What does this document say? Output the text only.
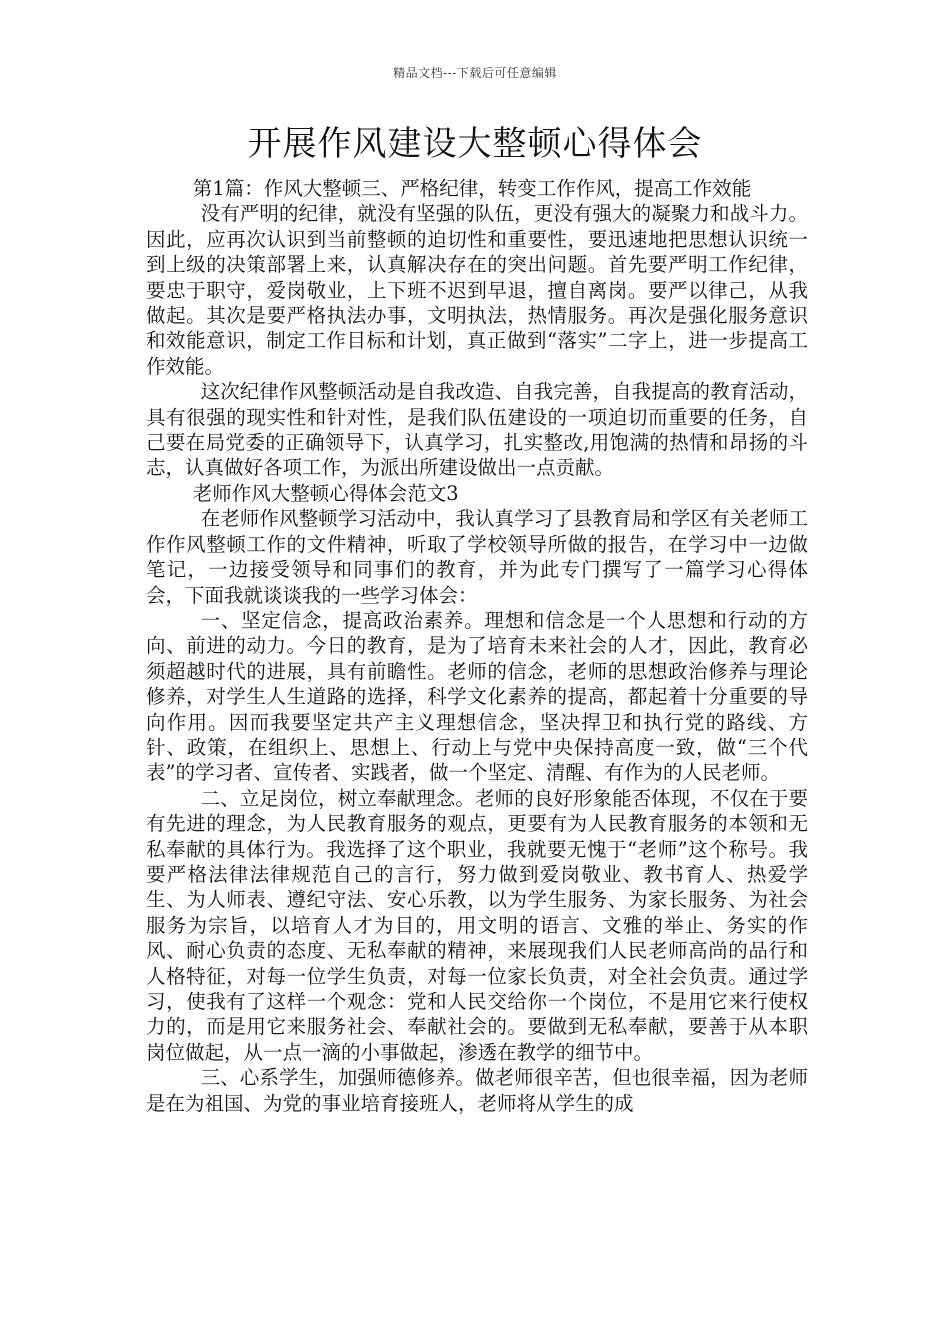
精品文档---下载后可任意编辑
开展作风建设大整顿心得体会

第1篇：作风大整顿三、严格纪律，转变工作作风，提高工作效能

没有严明的纪律，就没有坚强的队伍，更没有强大的凝聚力和战斗力。因此，应再次认识到当前整顿的迫切性和重要性，要迅速地把思想认识统一到上级的决策部署上来，认真解决存在的突出问题。首先要严明工作纪律，要忠于职守，爱岗敬业，上下班不迟到早退，擅自离岗。要严以律己，从我做起。其次是要严格执法办事，文明执法，热情服务。再次是强化服务意识和效能意识，制定工作目标和计划，真正做到“落实”二字上，进一步提高工作效能。

这次纪律作风整顿活动是自我改造、自我完善，自我提高的教育活动，具有很强的现实性和针对性，是我们队伍建设的一项迫切而重要的任务，自己要在局党委的正确领导下，认真学习，扎实整改,用饱满的热情和昂扬的斗志，认真做好各项工作，为派出所建设做出一点贡献。

老师作风大整顿心得体会范文3

在老师作风整顿学习活动中，我认真学习了县教育局和学区有关老师工作作风整顿工作的文件精神，听取了学校领导所做的报告，在学习中一边做笔记，一边接受领导和同事们的教育，并为此专门撰写了一篇学习心得体会，下面我就谈谈我的一些学习体会：

一、坚定信念，提高政治素养。理想和信念是一个人思想和行动的方向、前进的动力。今日的教育，是为了培育未来社会的人才，因此，教育必须超越时代的进展，具有前瞻性。老师的信念，老师的思想政治修养与理论修养，对学生人生道路的选择，科学文化素养的提高，都起着十分重要的导向作用。因而我要坚定共产主义理想信念，坚决捍卫和执行党的路线、方针、政策，在组织上、思想上、行动上与党中央保持高度一致，做“三个代表”的学习者、宣传者、实践者，做一个坚定、清醒、有作为的人民老师。

二、立足岗位，树立奉献理念。老师的良好形象能否体现，不仅在于要有先进的理念，为人民教育服务的观点，更要有为人民教育服务的本领和无私奉献的具体行为。我选择了这个职业，我就要无愧于“老师”这个称号。我要严格法律法律规范自己的言行，努力做到爱岗敬业、教书育人、热爱学生、为人师表、遵纪守法、安心乐教，以为学生服务、为家长服务、为社会服务为宗旨，以培育人才为目的，用文明的语言、文雅的举止、务实的作风、耐心负责的态度、无私奉献的精神，来展现我们人民老师高尚的品行和人格特征，对每一位学生负责，对每一位家长负责，对全社会负责。通过学习，使我有了这样一个观念：党和人民交给你一个岗位，不是用它来行使权力的，而是用它来服务社会、奉献社会的。要做到无私奉献，要善于从本职岗位做起，从一点一滴的小事做起，渗透在教学的细节中。

三、心系学生，加强师德修养。做老师很辛苦，但也很幸福，因为老师是在为祖国、为党的事业培育接班人，老师将从学生的成
